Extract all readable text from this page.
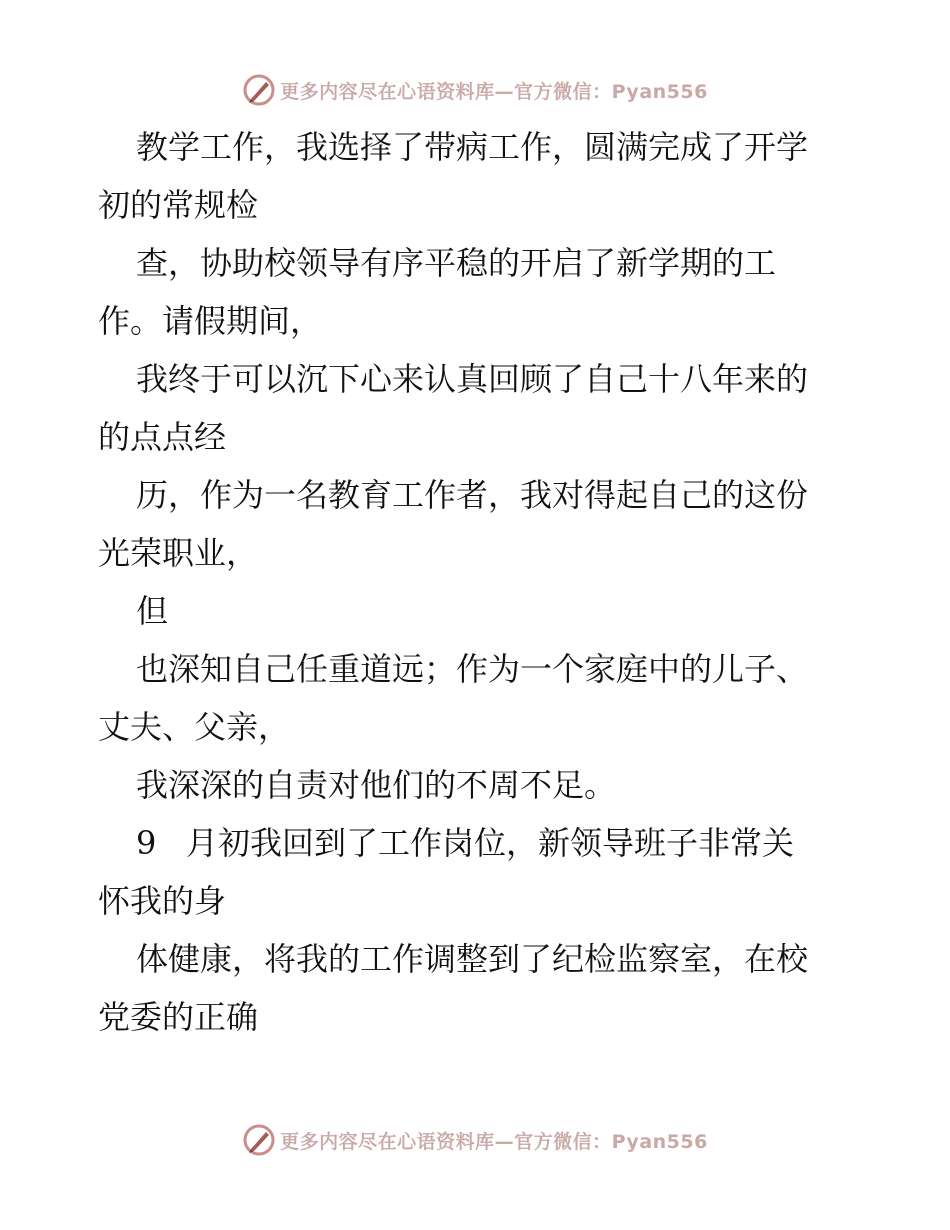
更多内容尽在心语资料库—官方微信：Pyan556

教学工作，我选择了带病工作，圆满完成了开学

初的常规检

查，协助校领导有序平稳的开启了新学期的工

作。请假期间，

我终于可以沉下心来认真回顾了自己十八年来的

的点点经

历，作为一名教育工作者，我对得起自己的这份

光荣职业，

但

也深知自己任重道远；作为一个家庭中的儿子、

丈夫、父亲，

我深深的自责对他们的不周不足。

9 月初我回到了工作岗位，新领导班子非常关

怀我的身

体健康，将我的工作调整到了纪检监察室，在校

党委的正确

更多内容尽在心语资料库—官方微信：Pyan556
